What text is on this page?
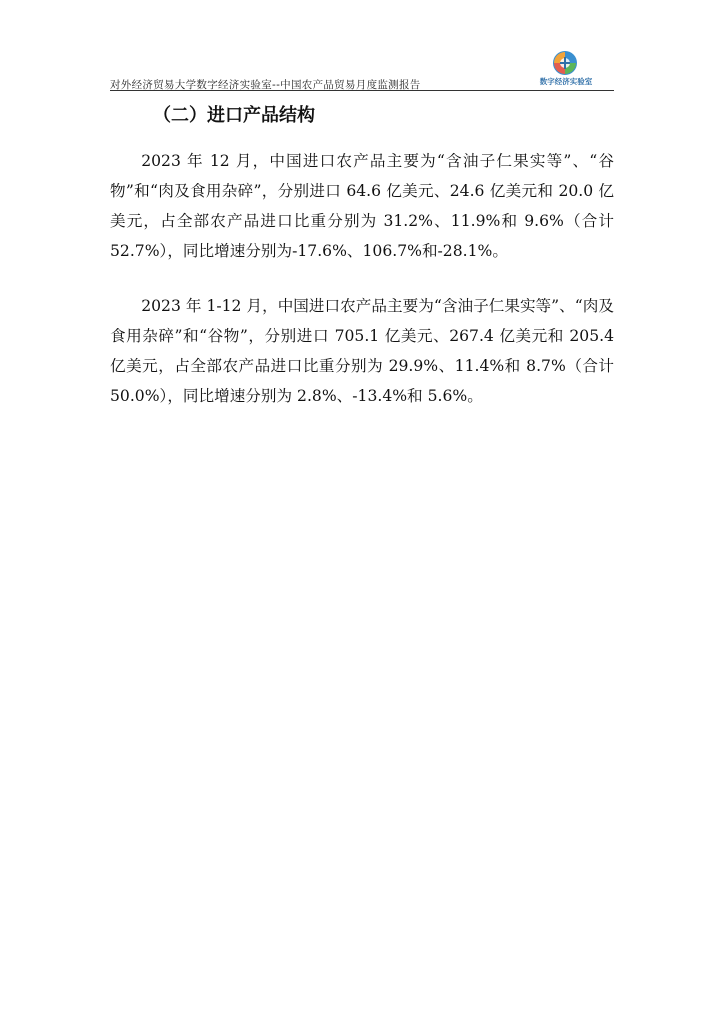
对外经济贸易大学数字经济实验室--中国农产品贸易月度监测报告	数字经济实验室
（二）进口产品结构

2023 年 12 月，中国进口农产品主要为“含油子仁果实等”、“谷物”和“肉及食用杂碎”，分别进口 64.6 亿美元、24.6 亿美元和 20.0 亿美元，占全部农产品进口比重分别为 31.2%、11.9%和 9.6%（合计 52.7%），同比增速分别为-17.6%、106.7%和-28.1%。

2023 年 1-12 月，中国进口农产品主要为“含油子仁果实等”、“肉及食用杂碎”和“谷物”，分别进口 705.1 亿美元、267.4 亿美元和 205.4 亿美元，占全部农产品进口比重分别为 29.9%、11.4%和 8.7%（合计 50.0%），同比增速分别为 2.8%、-13.4%和 5.6%。
